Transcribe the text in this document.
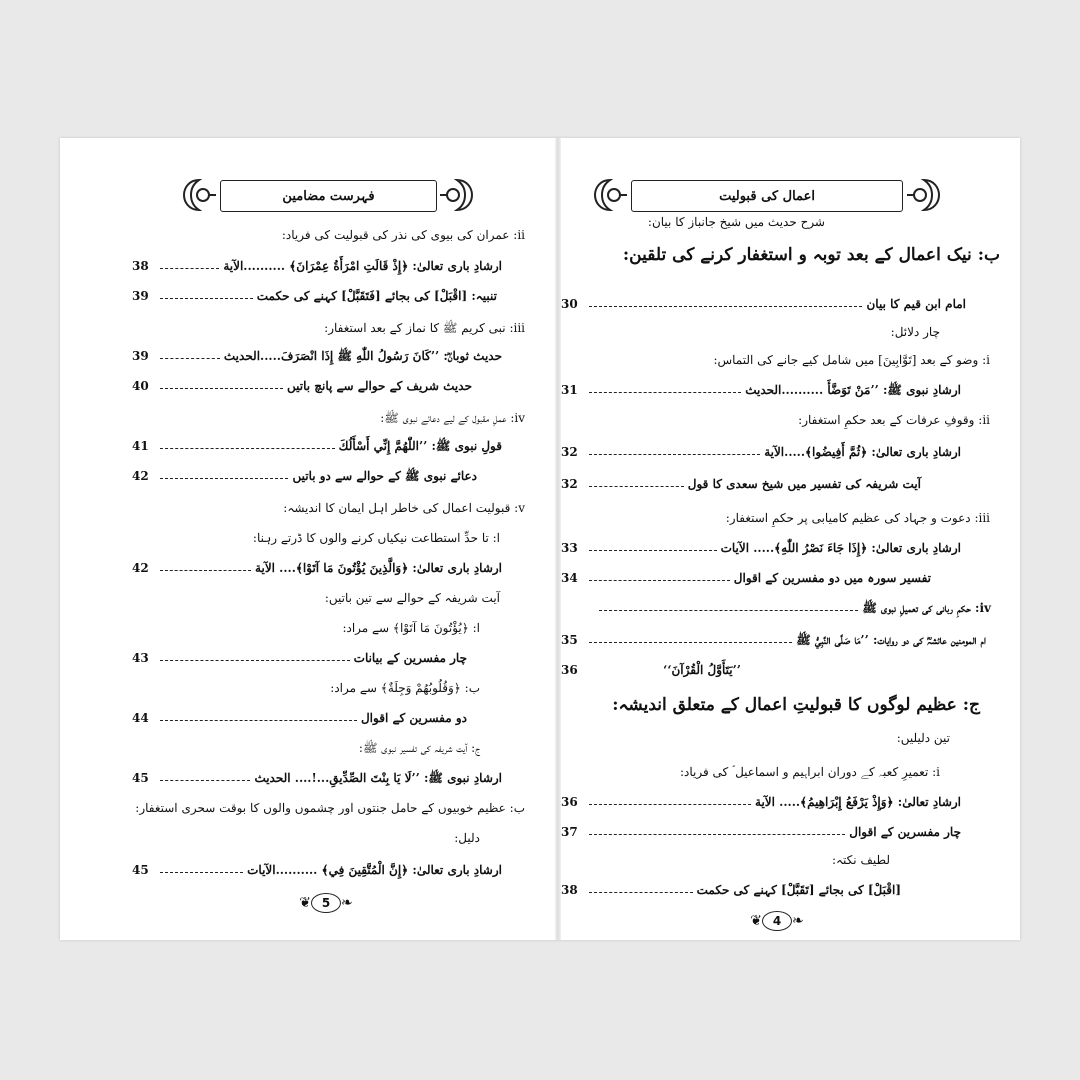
فہرست مضامین
ii: عمران کی بیوی کی نذر کی قبولیت کی فریاد:
38	ارشادِ باری تعالیٰ: ﴿إِذْ قَالَتِ امْرَأَةُ عِمْرَانَ﴾ ..........الآیة
39	تنبیہ: [اقْبَلْ] کی بجائے [فَتَقَبَّلْ] کہنے کی حکمت
iii: نبی کریم ﷺ کا نماز کے بعد استغفار:
39	حدیث ثوبانؓ: ’’كَانَ رَسُولُ اللّٰهِ ﷺ إِذَا انْصَرَفَ.....الحدیث
40	حدیث شریف کے حوالے سے پانچ باتیں
iv: عملِ مقبول کے لیے دعائے نبوی ﷺ:
41	قولِ نبوی ﷺ: ’’اللّٰهُمَّ إِنِّي أَسْأَلُكَ
42	دعائے نبوی ﷺ کے حوالے سے دو باتیں
v: قبولیت اعمال کی خاطر اہل ایمان کا اندیشہ:
ا: تا حدِّ استطاعت نیکیاں کرنے والوں کا ڈرتے رہنا:
42	ارشادِ باری تعالیٰ: ﴿وَالَّذِينَ يُؤْتُونَ مَا آتَوْا﴾.... الآیة
آیت شریفہ کے حوالے سے تین باتیں:
ا: ﴿يُؤْتُونَ مَا آتَوْا﴾ سے مراد:
43	چار مفسرین کے بیانات
ب: ﴿وَقُلُوبُهُمْ وَجِلَةٌ﴾ سے مراد:
44	دو مفسرین کے اقوال
ج: آیت شریفہ کی تفسیر نبوی ﷺ:
45	ارشادِ نبوی ﷺ: ’’لَا يَا بِنْتَ الصِّدِّيقِ...!.... الحدیث
ب: عظیم خوبیوں کے حامل جنتوں اور چشموں والوں کا بوقت سحری استغفار:
دلیل:
45	ارشادِ باری تعالیٰ: ﴿إِنَّ الْمُتَّقِينَ فِي﴾ ..........الآیات
❦ 5 ❧
اعمال کی قبولیت
شرح حدیث میں شیخ جانباز کا بیان:
ب: نیک اعمال کے بعد توبہ و استغفار کرنے کی تلقین:
30	امام ابن قیم کا بیان
چار دلائل:
i: وضو کے بعد [تَوَّابِينَ] میں شامل کیے جانے کی التماس:
31	ارشادِ نبوی ﷺ: ’’مَنْ تَوَضَّأَ ..........الحدیث
ii: وقوفِ عرفات کے بعد حکمِ استغفار:
32	ارشادِ باری تعالیٰ: ﴿ثُمَّ أَفِيضُوا﴾.....الآیة
32	آیت شریفہ کی تفسیر میں شیخ سعدی کا قول
iii: دعوت و جہاد کی عظیم کامیابی پر حکمِ استغفار:
33	ارشادِ باری تعالیٰ: ﴿إِذَا جَاءَ نَصْرُ اللّٰهِ﴾..... الآیات
34	تفسیر سورہ میں دو مفسرین کے اقوال
iv: حکمِ ربانی کی تعمیلِ نبوی ﷺ
35	ام المومنین عائشہؓ کی دو روایات: ’’مَا صَلَّى النَّبِيُّ ﷺ
36	’’يَتَأَوَّلُ الْقُرْآنَ‘‘
ج: عظیم لوگوں کا قبولیتِ اعمال کے متعلق اندیشہ:
تین دلیلیں:
i: تعمیرِ کعبہ کے دوران ابراہیم و اسماعیل ؑ کی فریاد:
36	ارشادِ تعالیٰ: ﴿وَإِذْ يَرْفَعُ إِبْرَاهِيمُ﴾..... الآیة
37	چار مفسرین کے اقوال
لطیف نکتہ:
38	[اقْبَلْ] کی بجائے [تَقَبَّلْ] کہنے کی حکمت
❦ 4 ❧
